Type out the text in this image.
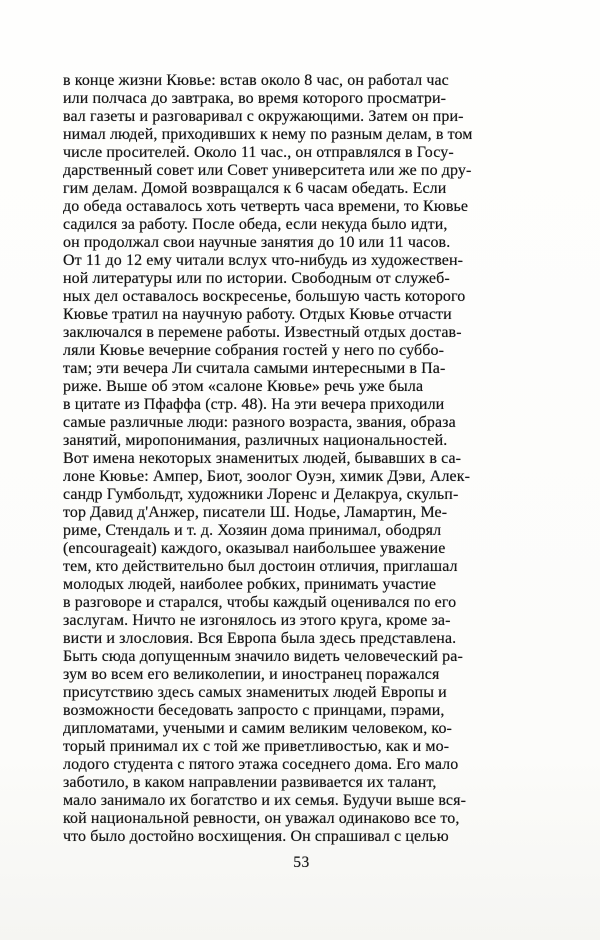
в конце жизни Кювье: встав около 8 час, он работал час
или полчаса до завтрака, во время которого просматри-
вал газеты и разговаривал с окружающими. Затем он при-
нимал людей, приходивших к нему по разным делам, в том
числе просителей. Около 11 час., он отправлялся в Госу-
дарственный совет или Совет университета или же по дру-
гим делам. Домой возвращался к 6 часам обедать. Если
до обеда оставалось хоть четверть часа времени, то Кювье
садился за работу. После обеда, если некуда было идти,
он продолжал свои научные занятия до 10 или 11 часов.
От 11 до 12 ему читали вслух что-нибудь из художествен-
ной литературы или по истории. Свободным от служеб-
ных дел оставалось воскресенье, большую часть которого
Кювье тратил на научную работу. Отдых Кювье отчасти
заключался в перемене работы. Известный отдых достав-
ляли Кювье вечерние собрания гостей у него по суббо-
там; эти вечера Ли считала самыми интересными в Па-
риже. Выше об этом «салоне Кювье» речь уже была
в цитате из Пфаффа (стр. 48). На эти вечера приходили
самые различные люди: разного возраста, звания, образа
занятий, миропонимания, различных национальностей.
Вот имена некоторых знаменитых людей, бывавших в са-
лоне Кювье: Ампер, Биот, зоолог Оуэн, химик Дэви, Алек-
сандр Гумбольдт, художники Лоренс и Делакруа, скульп-
тор Давид д'Анжер, писатели Ш. Нодье, Ламартин, Ме-
риме, Стендаль и т. д. Хозяин дома принимал, ободрял
(encourageait) каждого, оказывал наибольшее уважение
тем, кто действительно был достоин отличия, приглашал
молодых людей, наиболее робких, принимать участие
в разговоре и старался, чтобы каждый оценивался по его
заслугам. Ничто не изгонялось из этого круга, кроме за-
висти и злословия. Вся Европа была здесь представлена.
Быть сюда допущенным значило видеть человеческий ра-
зум во всем его великолепии, и иностранец поражался
присутствию здесь самых знаменитых людей Европы и
возможности беседовать запросто с принцами, пэрами,
дипломатами, учеными и самим великим человеком, ко-
торый принимал их с той же приветливостью, как и мо-
лодого студента с пятого этажа соседнего дома. Его мало
заботило, в каком направлении развивается их талант,
мало занимало их богатство и их семья. Будучи выше вся-
кой национальной ревности, он уважал одинаково все то,
что было достойно восхищения. Он спрашивал с целью
53
